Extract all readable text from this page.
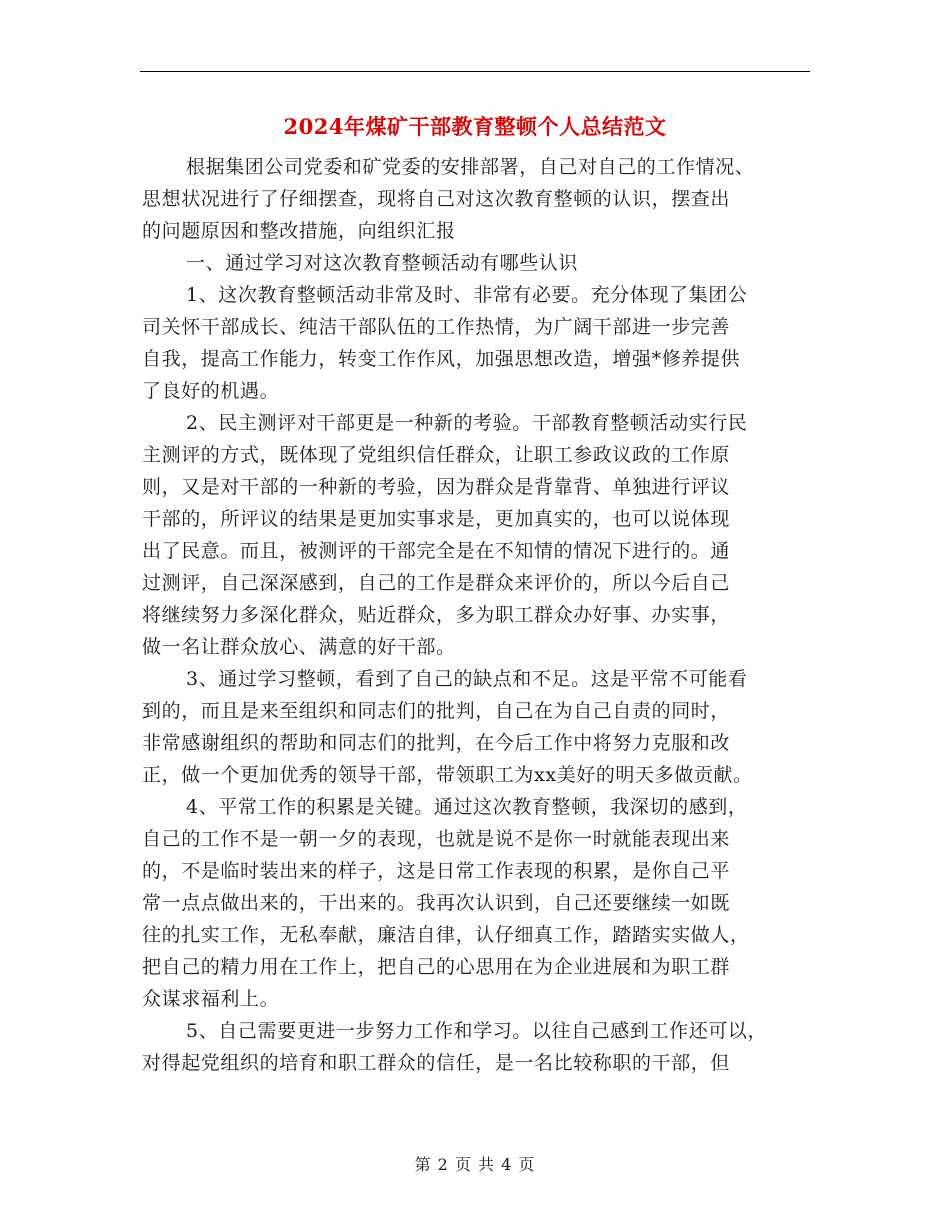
2024年煤矿干部教育整顿个人总结范文
根据集团公司党委和矿党委的安排部署，自己对自己的工作情况、
思想状况进行了仔细摆查，现将自己对这次教育整顿的认识，摆查出
的问题原因和整改措施，向组织汇报
一、通过学习对这次教育整顿活动有哪些认识
1、这次教育整顿活动非常及时、非常有必要。充分体现了集团公
司关怀干部成长、纯洁干部队伍的工作热情，为广阔干部进一步完善
自我，提高工作能力，转变工作作风，加强思想改造，增强*修养提供
了良好的机遇。
2、民主测评对干部更是一种新的考验。干部教育整顿活动实行民
主测评的方式，既体现了党组织信任群众，让职工参政议政的工作原
则，又是对干部的一种新的考验，因为群众是背靠背、单独进行评议
干部的，所评议的结果是更加实事求是，更加真实的，也可以说体现
出了民意。而且，被测评的干部完全是在不知情的情况下进行的。通
过测评，自己深深感到，自己的工作是群众来评价的，所以今后自己
将继续努力多深化群众，贴近群众，多为职工群众办好事、办实事，
做一名让群众放心、满意的好干部。
3、通过学习整顿，看到了自己的缺点和不足。这是平常不可能看
到的，而且是来至组织和同志们的批判，自己在为自己自责的同时，
非常感谢组织的帮助和同志们的批判，在今后工作中将努力克服和改
正，做一个更加优秀的领导干部，带领职工为xx美好的明天多做贡献。
4、平常工作的积累是关键。通过这次教育整顿，我深切的感到，
自己的工作不是一朝一夕的表现，也就是说不是你一时就能表现出来
的，不是临时装出来的样子，这是日常工作表现的积累，是你自己平
常一点点做出来的，干出来的。我再次认识到，自己还要继续一如既
往的扎实工作，无私奉献，廉洁自律，认仔细真工作，踏踏实实做人，
把自己的精力用在工作上，把自己的心思用在为企业进展和为职工群
众谋求福利上。
5、自己需要更进一步努力工作和学习。以往自己感到工作还可以，
对得起党组织的培育和职工群众的信任，是一名比较称职的干部，但
第 2 页 共 4 页
